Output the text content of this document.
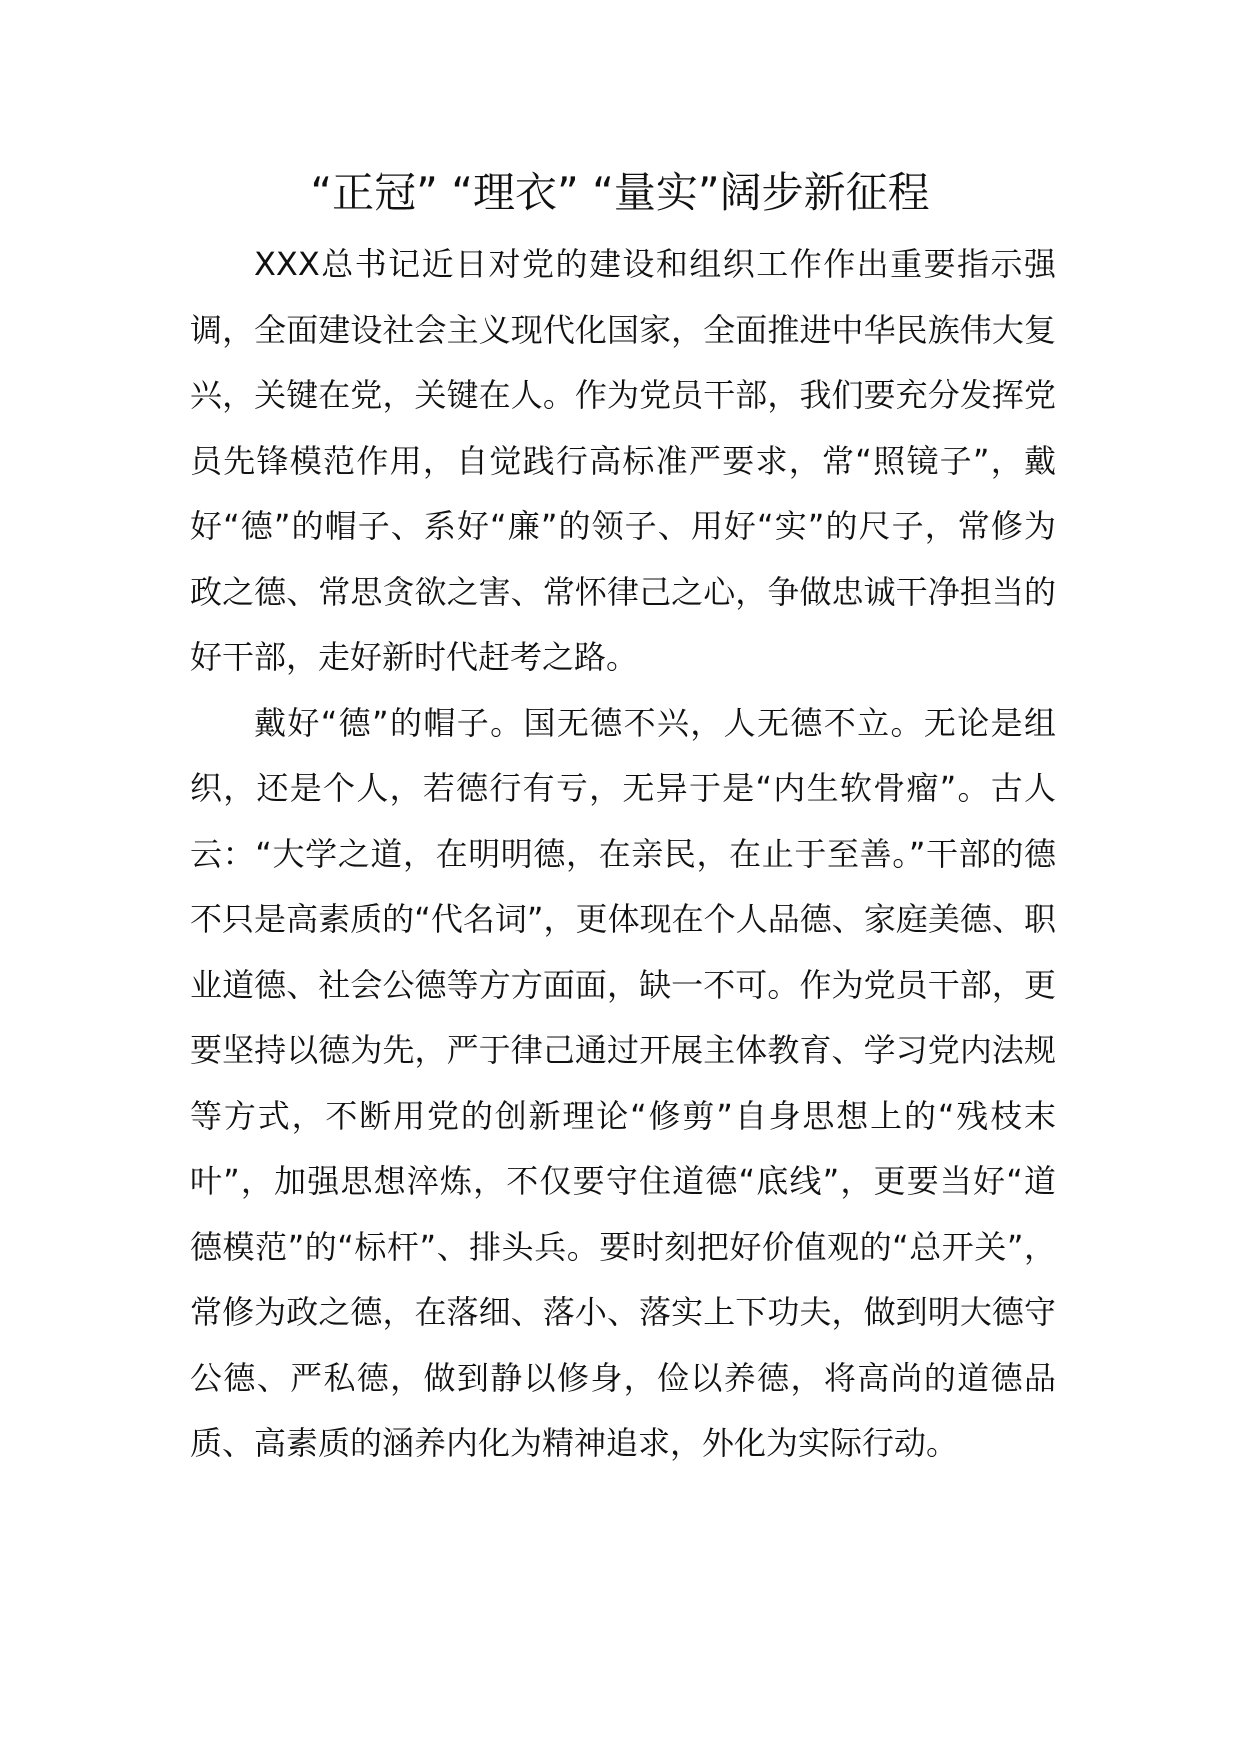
“正冠” “理衣” “量实”阔步新征程

XXX总书记近日对党的建设和组织工作作出重要指示强调，全面建设社会主义现代化国家，全面推进中华民族伟大复兴，关键在党，关键在人。作为党员干部，我们要充分发挥党员先锋模范作用，自觉践行高标准严要求，常“照镜子”，戴好“德”的帽子、系好“廉”的领子、用好“实”的尺子，常修为政之德、常思贪欲之害、常怀律己之心，争做忠诚干净担当的好干部，走好新时代赶考之路。

戴好“德”的帽子。国无德不兴，人无德不立。无论是组织，还是个人，若德行有亏，无异于是“内生软骨瘤”。古人云：“大学之道，在明明德，在亲民，在止于至善。”干部的德不只是高素质的“代名词”，更体现在个人品德、家庭美德、职业道德、社会公德等方方面面，缺一不可。作为党员干部，更要坚持以德为先，严于律己通过开展主体教育、学习党内法规等方式，不断用党的创新理论“修剪”自身思想上的“残枝末叶”，加强思想淬炼，不仅要守住道德“底线”，更要当好“道德模范”的“标杆”、排头兵。要时刻把好价值观的“总开关”，常修为政之德，在落细、落小、落实上下功夫，做到明大德守公德、严私德，做到静以修身，俭以养德，将高尚的道德品质、高素质的涵养内化为精神追求，外化为实际行动。
